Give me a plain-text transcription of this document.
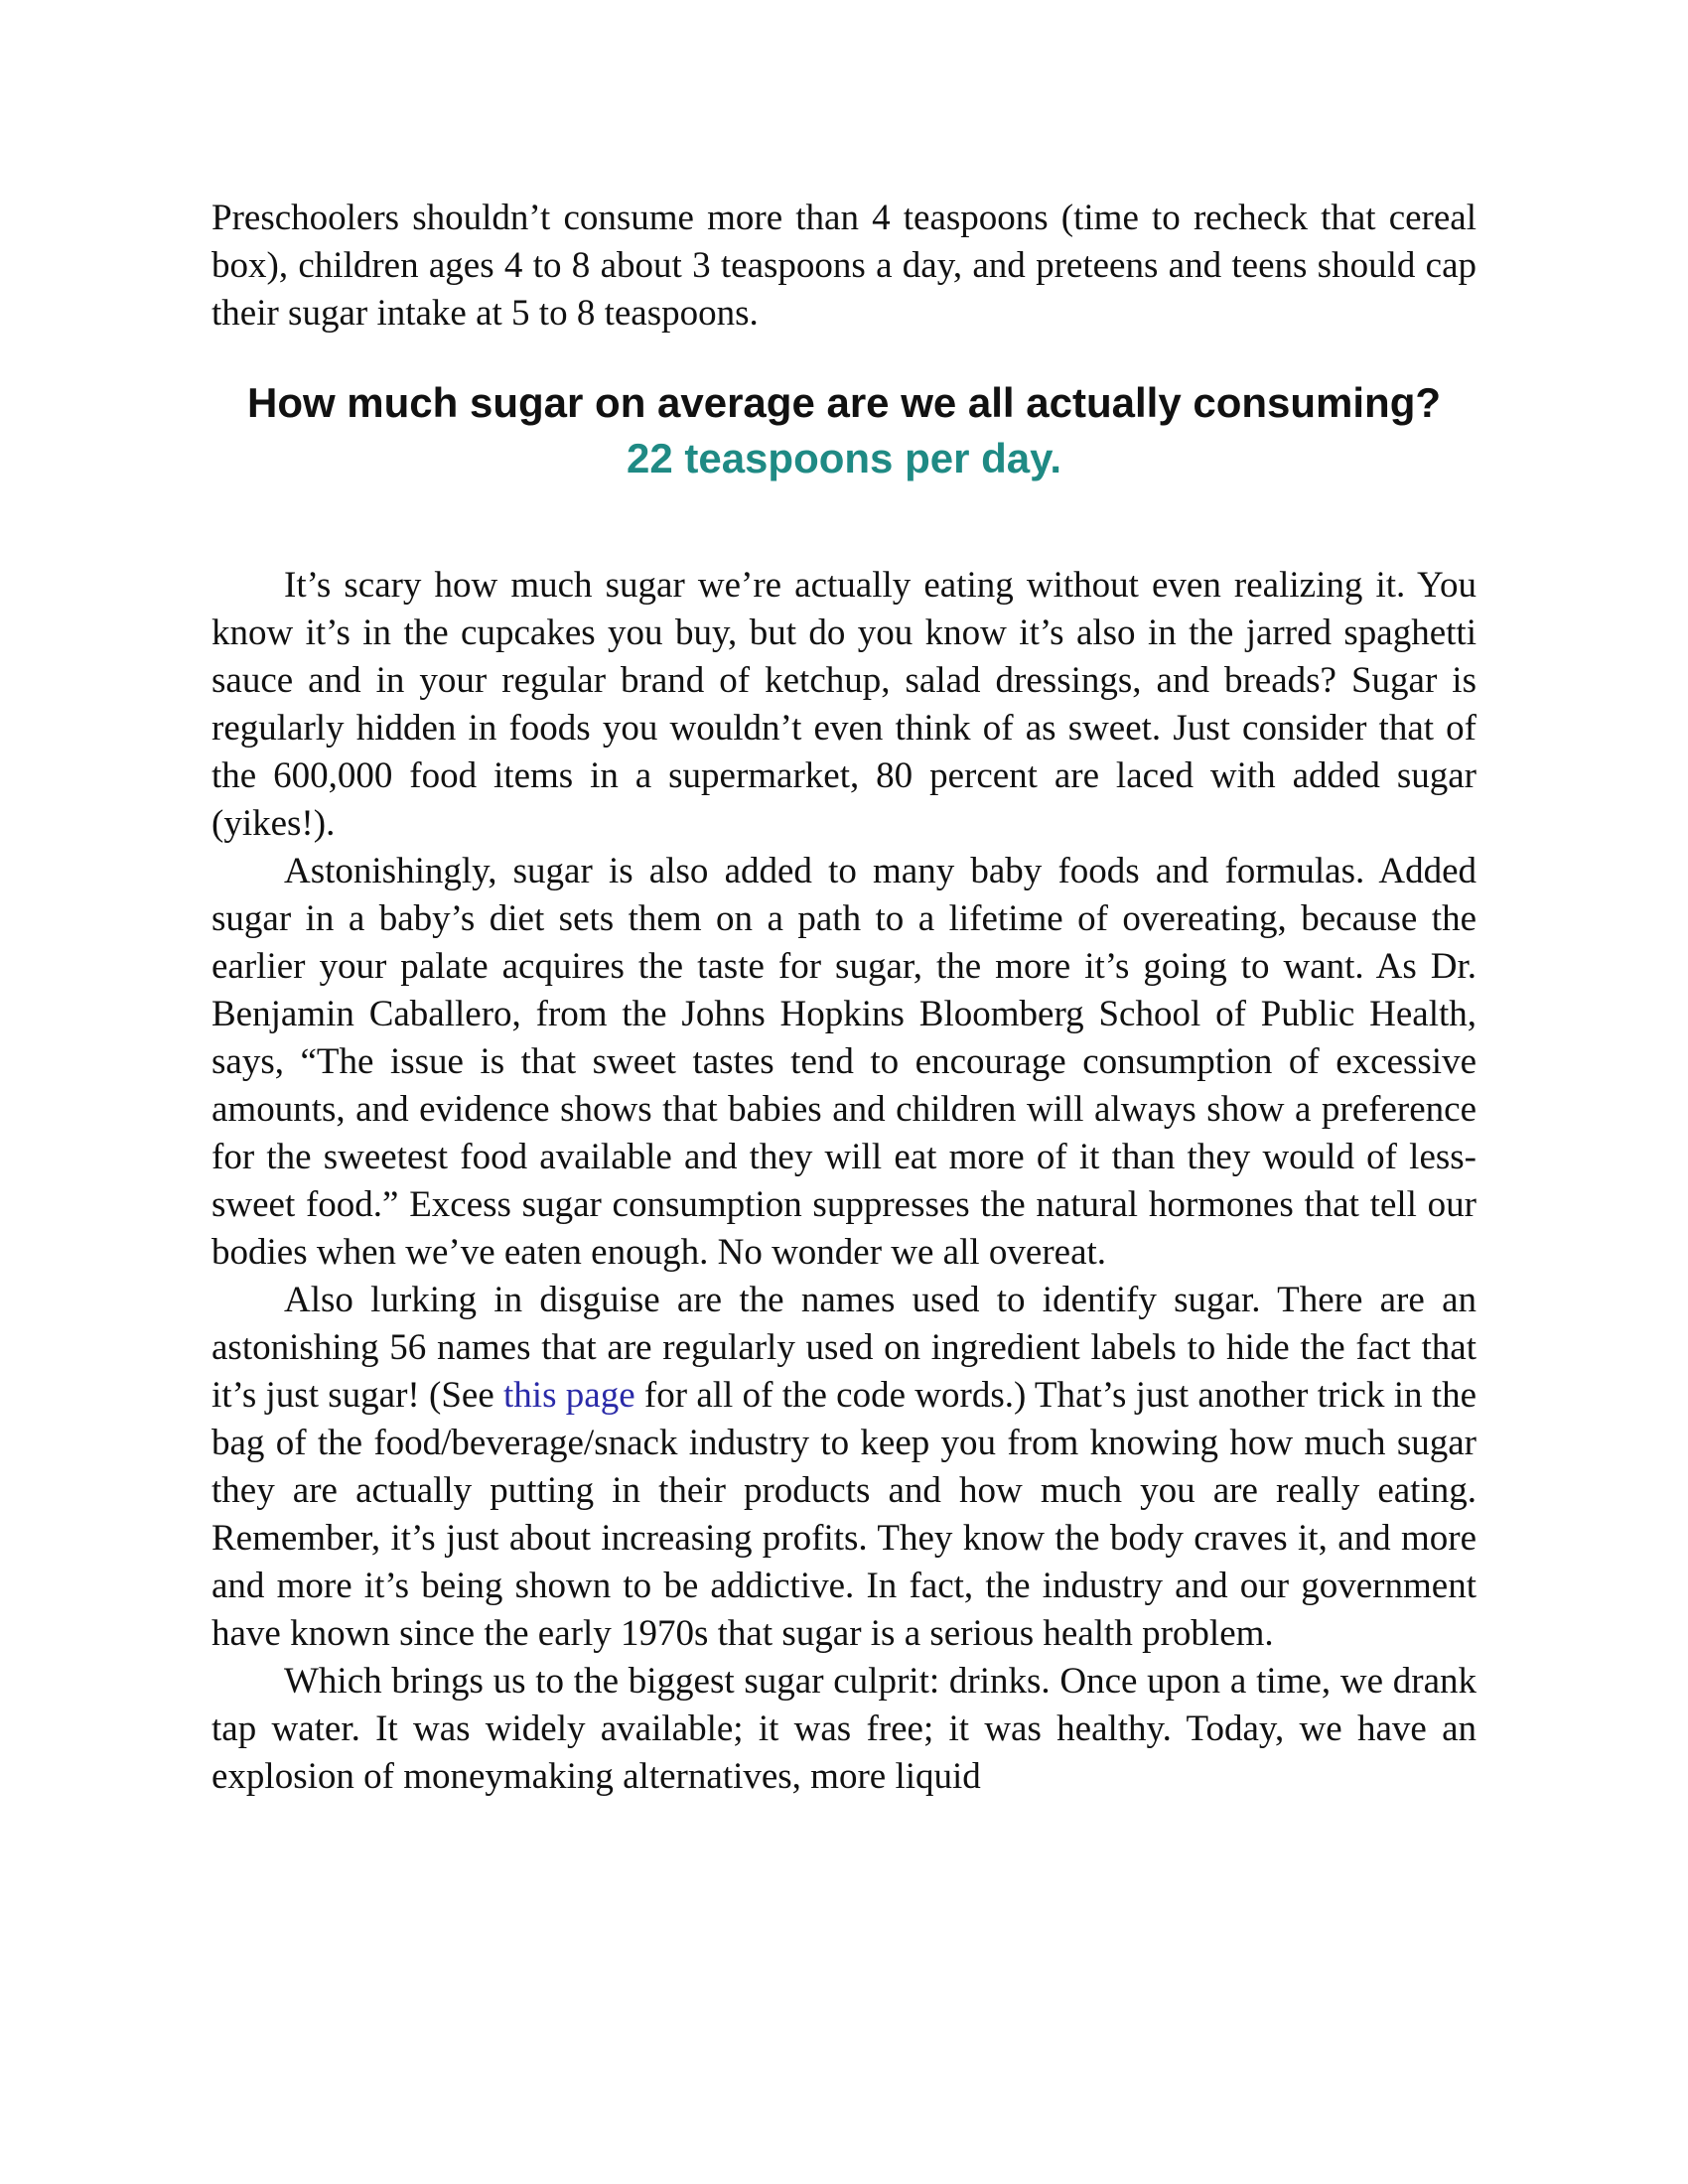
Preschoolers shouldn’t consume more than 4 teaspoons (time to recheck that cereal box), children ages 4 to 8 about 3 teaspoons a day, and preteens and teens should cap their sugar intake at 5 to 8 teaspoons.

How much sugar on average are we all actually consuming?
22 teaspoons per day.

It’s scary how much sugar we’re actually eating without even realizing it. You know it’s in the cupcakes you buy, but do you know it’s also in the jarred spaghetti sauce and in your regular brand of ketchup, salad dressings, and breads? Sugar is regularly hidden in foods you wouldn’t even think of as sweet. Just consider that of the 600,000 food items in a supermarket, 80 percent are laced with added sugar (yikes!).

Astonishingly, sugar is also added to many baby foods and formulas. Added sugar in a baby’s diet sets them on a path to a lifetime of overeating, because the earlier your palate acquires the taste for sugar, the more it’s going to want. As Dr. Benjamin Caballero, from the Johns Hopkins Bloomberg School of Public Health, says, “The issue is that sweet tastes tend to encourage consumption of excessive amounts, and evidence shows that babies and children will always show a preference for the sweetest food available and they will eat more of it than they would of less-sweet food.” Excess sugar consumption suppresses the natural hormones that tell our bodies when we’ve eaten enough. No wonder we all overeat.

Also lurking in disguise are the names used to identify sugar. There are an astonishing 56 names that are regularly used on ingredient labels to hide the fact that it’s just sugar! (See this page for all of the code words.) That’s just another trick in the bag of the food/beverage/snack industry to keep you from knowing how much sugar they are actually putting in their products and how much you are really eating. Remember, it’s just about increasing profits. They know the body craves it, and more and more it’s being shown to be addictive. In fact, the industry and our government have known since the early 1970s that sugar is a serious health problem.

Which brings us to the biggest sugar culprit: drinks. Once upon a time, we drank tap water. It was widely available; it was free; it was healthy. Today, we have an explosion of moneymaking alternatives, more liquid
